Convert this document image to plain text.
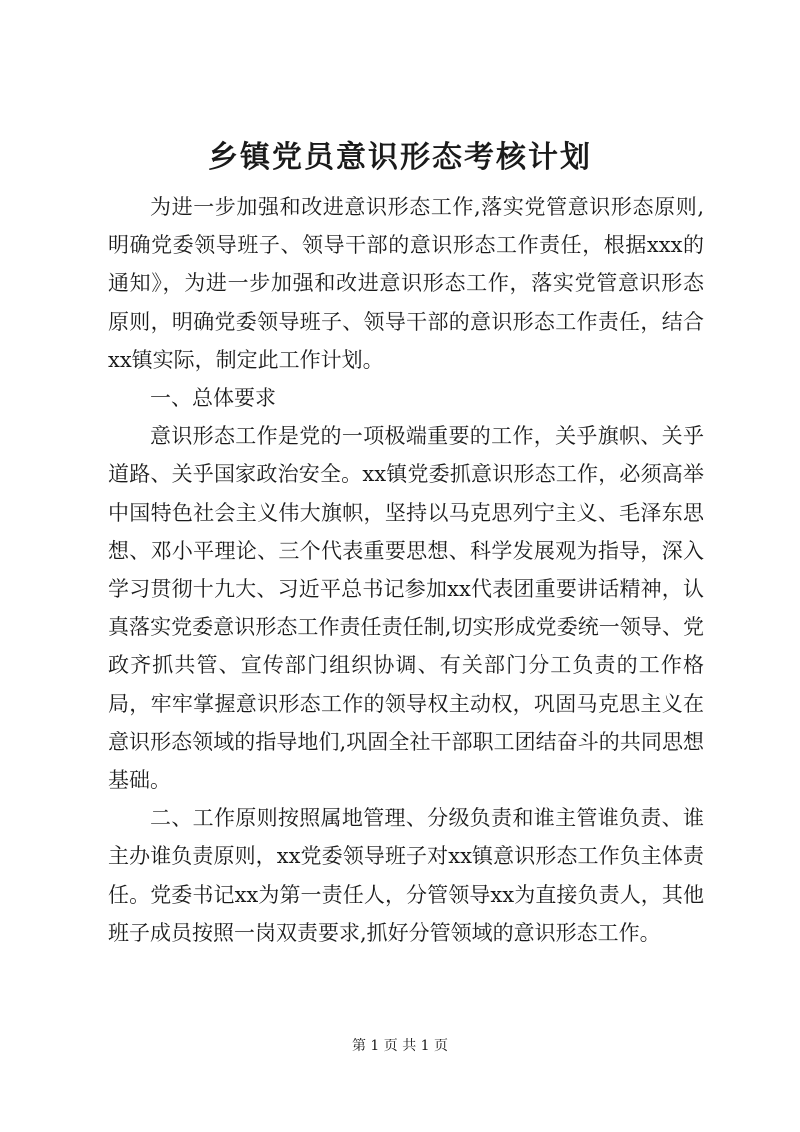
乡镇党员意识形态考核计划

为进一步加强和改进意识形态工作,落实党管意识形态原则,明确党委领导班子、领导干部的意识形态工作责任，根据xxx的通知》，为进一步加强和改进意识形态工作，落实党管意识形态原则，明确党委领导班子、领导干部的意识形态工作责任，结合xx镇实际，制定此工作计划。

一、总体要求

意识形态工作是党的一项极端重要的工作，关乎旗帜、关乎道路、关乎国家政治安全。xx镇党委抓意识形态工作，必须高举中国特色社会主义伟大旗帜，坚持以马克思列宁主义、毛泽东思想、邓小平理论、三个代表重要思想、科学发展观为指导，深入学习贯彻十九大、习近平总书记参加xx代表团重要讲话精神，认真落实党委意识形态工作责任责任制,切实形成党委统一领导、党政齐抓共管、宣传部门组织协调、有关部门分工负责的工作格局，牢牢掌握意识形态工作的领导权主动权，巩固马克思主义在意识形态领域的指导地们,巩固全社干部职工团结奋斗的共同思想基础。

二、工作原则按照属地管理、分级负责和谁主管谁负责、谁主办谁负责原则，xx党委领导班子对xx镇意识形态工作负主体责任。党委书记xx为第一责任人，分管领导xx为直接负责人，其他班子成员按照一岗双责要求,抓好分管领域的意识形态工作。

第 1 页 共 1 页
